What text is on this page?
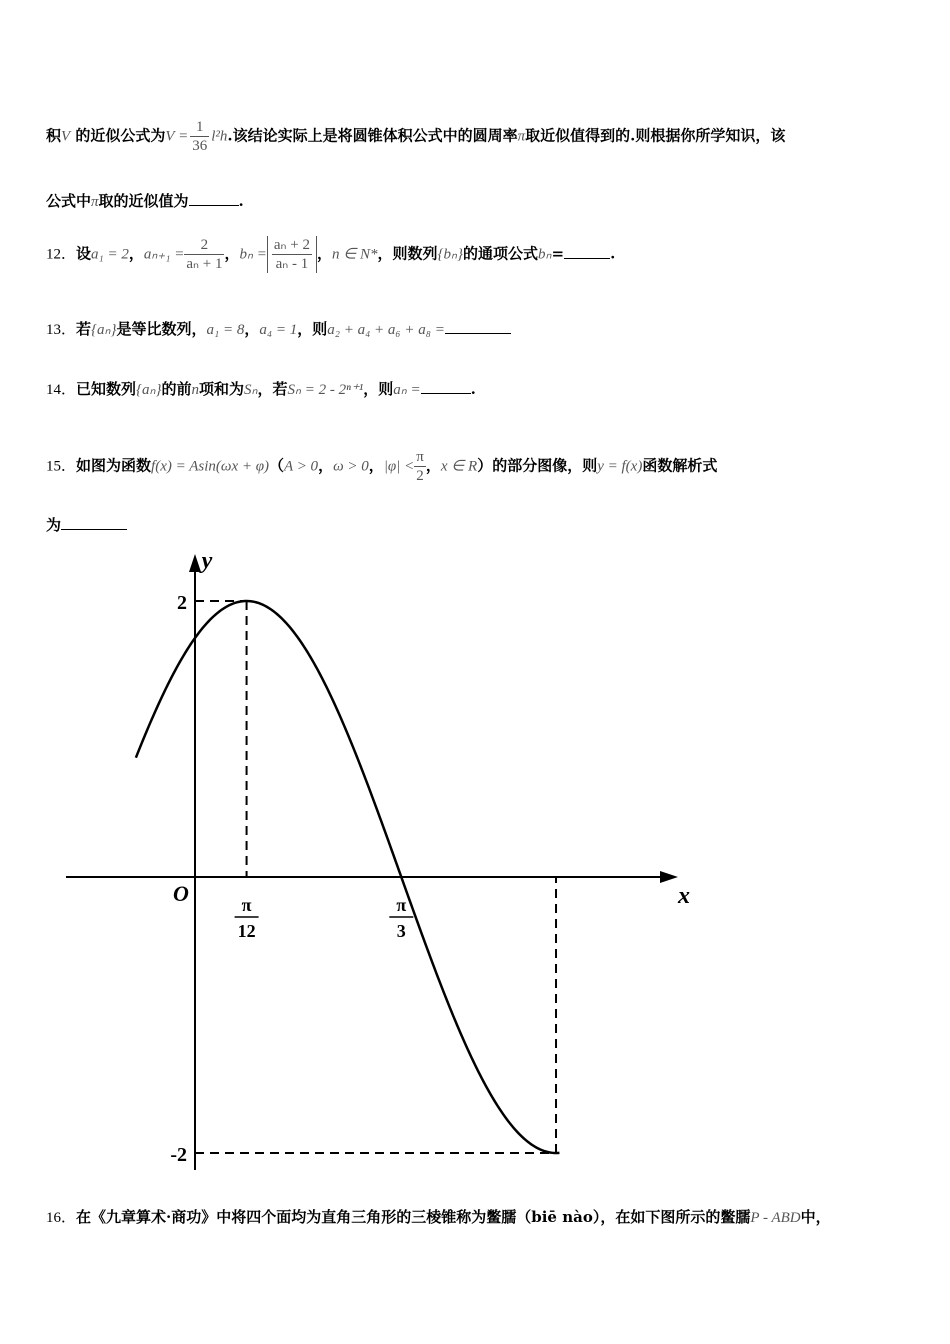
积V 的近似公式为$V = \frac{1}{36} l^2h$.该结论实际上是将圆锥体积公式中的圆周率π取近似值得到的.则根据你所学知识，该
公式中π取的近似值为	.
12．设a₁ = 2，$a_{n+1} = \frac{2}{\text{aₙ + 1}}$ ，$b_n = \frac{\text{aₙ + 2}}{\text{aₙ - 1}}$ ，n ∈ N*，则数列{bₙ}的通项公式bₙ=	.
13．若{aₙ}是等比数列，a₁ = 8，a₄ = 1，则a₂ + a₄ + a₆ + a₈ =
14．已知数列{aₙ}的前n项和为Sₙ，若Sₙ = 2 - 2ⁿ⁺¹，则aₙ =	.
15．如图为函数f(x) = Asin(ωx + φ)（A > 0，ω > 0，$|\varphi| < \frac{\pi}{2}$ ，x ∈ R）的部分图像，则y = f(x)函数解析式
为
x
y
O
2
-2
π
12
π
3
16．在《九章算术·商功》中将四个面均为直角三角形的三棱锥称为鳖臑（biē nào），在如下图所示的鳖臑P - ABD中，
